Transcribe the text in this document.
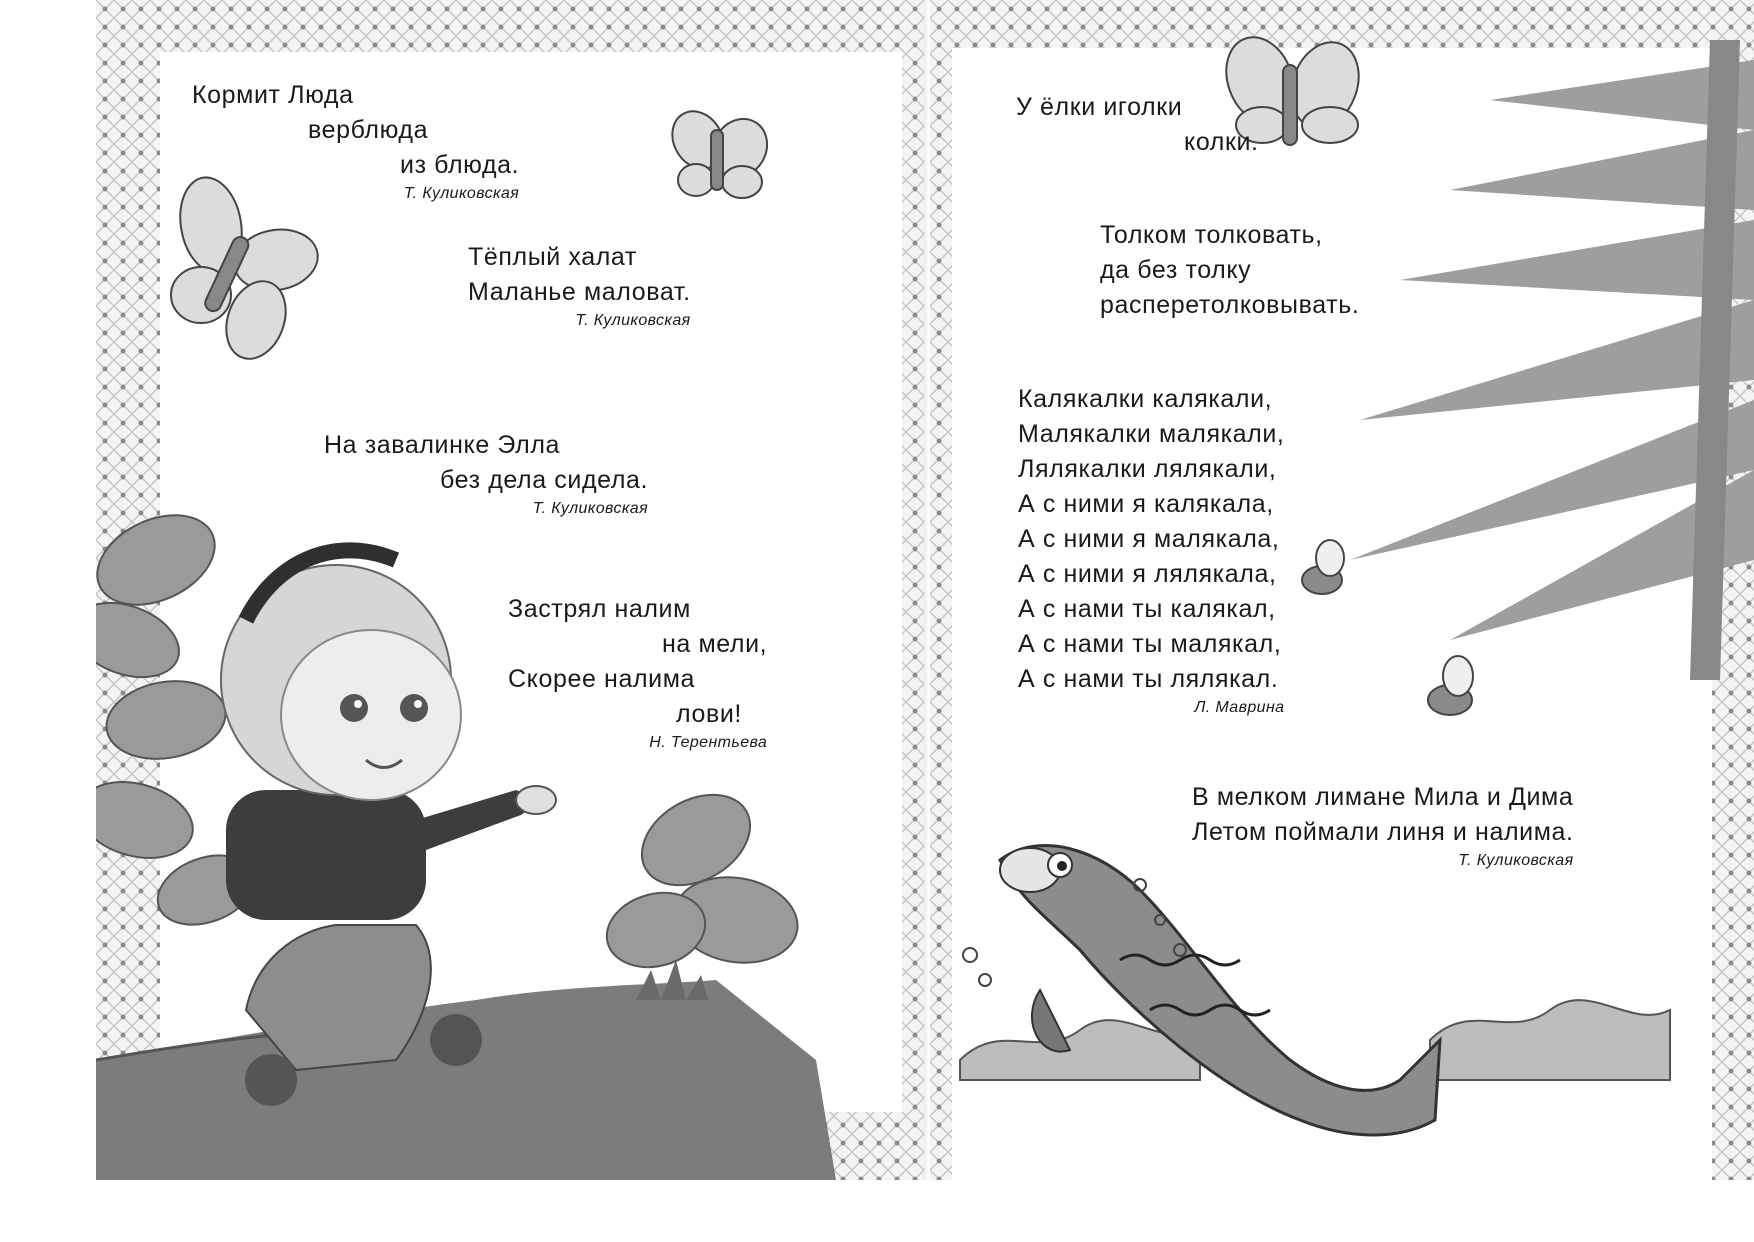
Кормит Люда
верблюда
из блюда.
Т. Куликовская
Тёплый халат
Маланье маловат.
Т. Куликовская
На завалинке Элла
без дела сидела.
Т. Куликовская
Застрял налим
на мели,
Скорее налима
лови!
Н. Терентьева
У ёлки иголки
колки.
Толком толковать,
да без толку
расперетолковывать.
Калякалки калякали,
Малякалки малякали,
Лялякалки лялякали,
А с ними я калякала,
А с ними я малякала,
А с ними я лялякала,
А с нами ты калякал,
А с нами ты малякал,
А с нами ты лялякал.
Л. Маврина
В мелком лимане Мила и Дима
Летом поймали линя и налима.
Т. Куликовская
